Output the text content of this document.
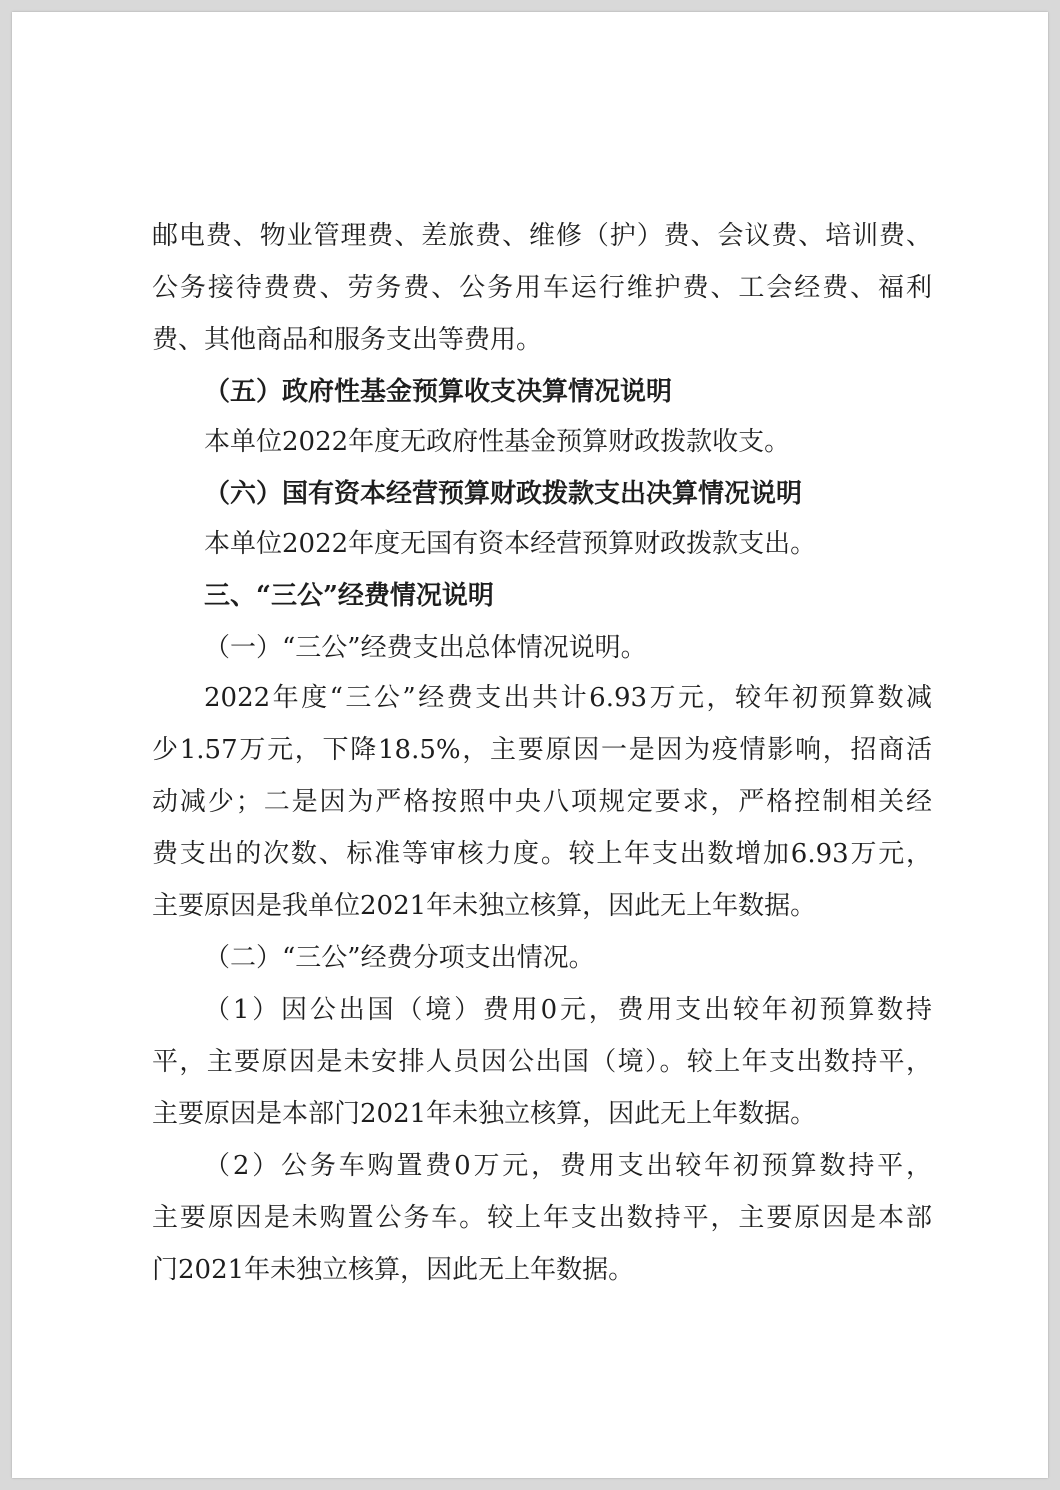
邮电费、物业管理费、差旅费、维修（护）费、会议费、培训费、
公务接待费费、劳务费、公务用车运行维护费、工会经费、福利
费、其他商品和服务支出等费用。
（五）政府性基金预算收支决算情况说明
本单位2022年度无政府性基金预算财政拨款收支。
（六）国有资本经营预算财政拨款支出决算情况说明
本单位2022年度无国有资本经营预算财政拨款支出。
三、“三公”经费情况说明
（一）“三公”经费支出总体情况说明。
2022年度“三公”经费支出共计6.93万元，较年初预算数减
少1.57万元，下降18.5%，主要原因一是因为疫情影响，招商活
动减少；二是因为严格按照中央八项规定要求，严格控制相关经
费支出的次数、标准等审核力度。较上年支出数增加6.93万元，
主要原因是我单位2021年未独立核算，因此无上年数据。
（二）“三公”经费分项支出情况。
（1）因公出国（境）费用0元，费用支出较年初预算数持
平，主要原因是未安排人员因公出国（境）。较上年支出数持平，
主要原因是本部门2021年未独立核算，因此无上年数据。
（2）公务车购置费0万元，费用支出较年初预算数持平，
主要原因是未购置公务车。较上年支出数持平，主要原因是本部
门2021年未独立核算，因此无上年数据。
